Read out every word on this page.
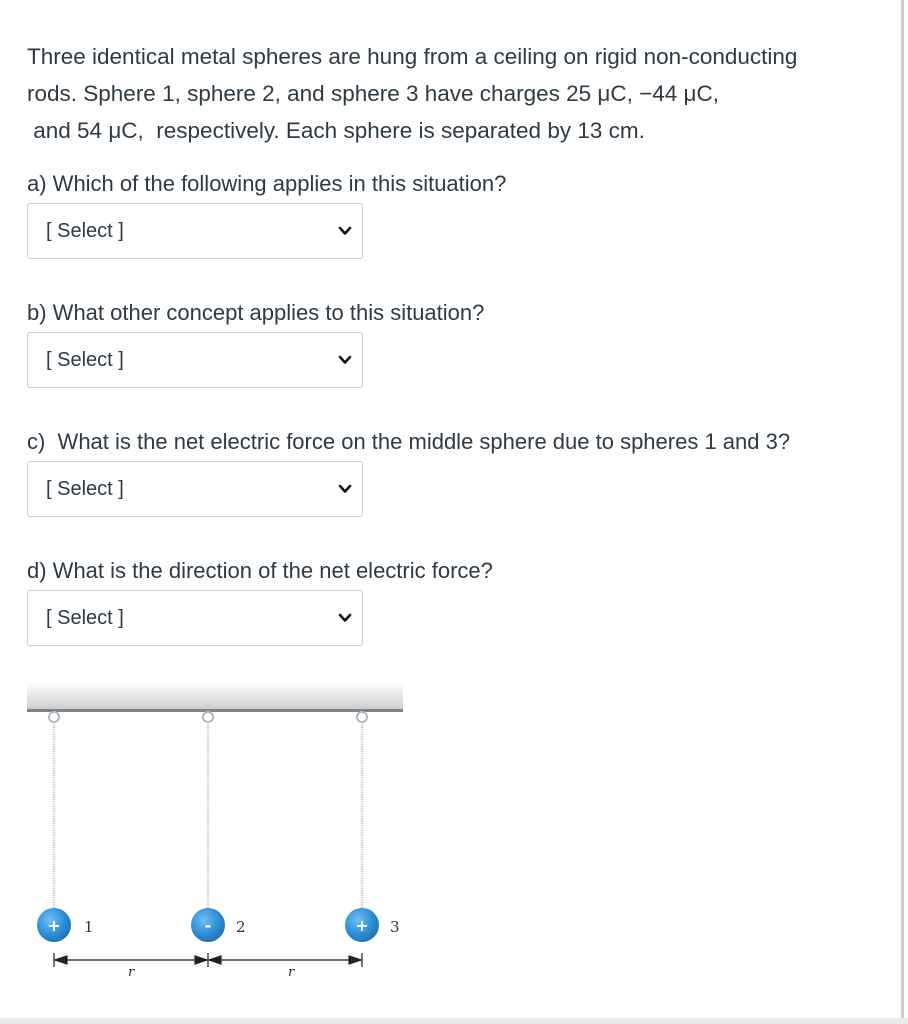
Three identical metal spheres are hung from a ceiling on rigid non-conducting

rods. Sphere 1, sphere 2, and sphere 3 have charges 25 μC, −44 μC,

and 54 μC,  respectively. Each sphere is separated by 13 cm.

a) Which of the following applies in this situation?
[ Select ]
b) What other concept applies to this situation?
[ Select ]
c)  What is the net electric force on the middle sphere due to spheres 1 and 3?
[ Select ]
d) What is the direction of the net electric force?
[ Select ]
+ 1	- 2	+ 3
r	r
